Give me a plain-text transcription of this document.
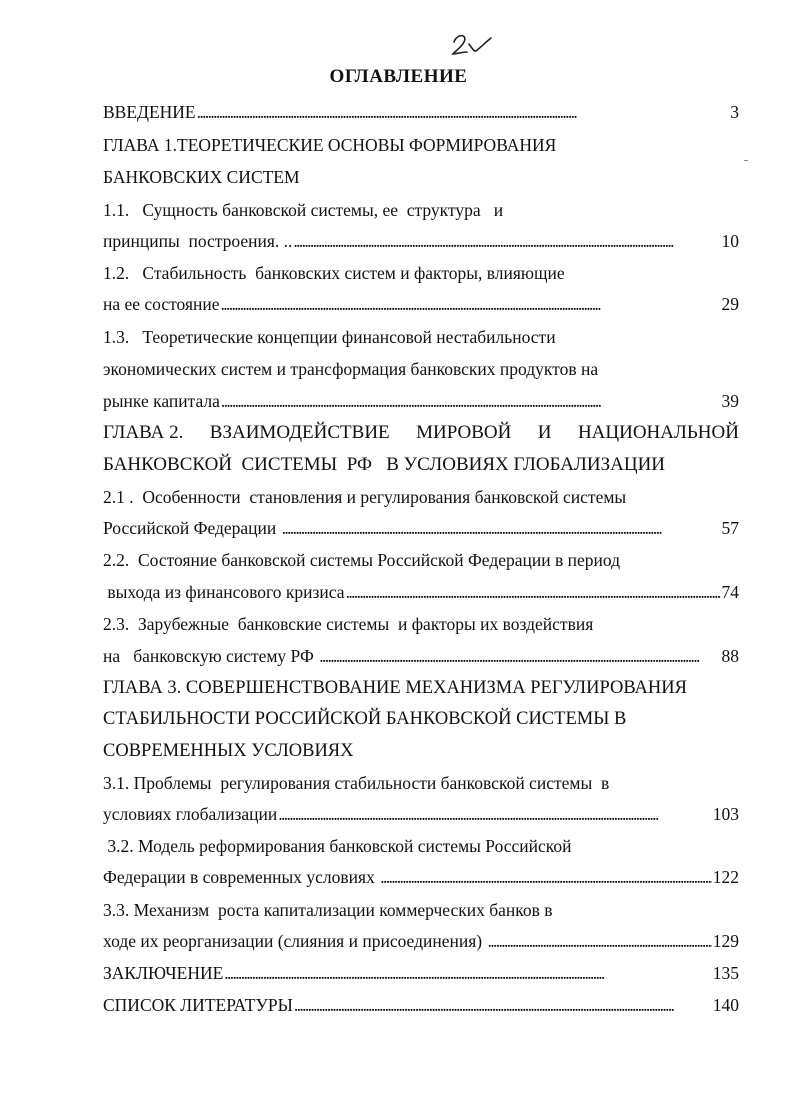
ОГЛАВЛЕНИЕ
ВВЕДЕНИЕ . . .	3
ГЛАВА 1.ТЕОРЕТИЧЕСКИЕ ОСНОВЫ ФОРМИРОВАНИЯ
БАНКОВСКИХ СИСТЕМ
1.1.   Сущность банковской системы, ее  структура   и
принципы  построения. .. . . .	10
1.2.   Стабильность  банковских систем и факторы, влияющие
на ее состояние . . .	29
1.3.   Теоретические концепции финансовой нестабильности
экономических систем и трансформация банковских продуктов на
рынке капитала . . .	39
ГЛАВА 2. ВЗАИМОДЕЙСТВИЕ МИРОВОЙ И НАЦИОНАЛЬНОЙ
БАНКОВСКОЙ  СИСТЕМЫ  РФ   В УСЛОВИЯХ ГЛОБАЛИЗАЦИИ
2.1 .  Особенности  становления и регулирования банковской системы
Российской Федерации . . .	57
2.2.  Состояние банковской системы Российской Федерации в период
выхода из финансового кризиса . . .	74
2.3.  Зарубежные  банковские системы  и факторы их воздействия
на   банковскую систему РФ . . .	88
ГЛАВА 3. СОВЕРШЕНСТВОВАНИЕ МЕХАНИЗМА РЕГУЛИРОВАНИЯ
СТАБИЛЬНОСТИ РОССИЙСКОЙ БАНКОВСКОЙ СИСТЕМЫ В
СОВРЕМЕННЫХ УСЛОВИЯХ
3.1. Проблемы  регулирования стабильности банковской системы  в
условиях глобализации . . .	103
3.2. Модель реформирования банковской системы Российской
Федерации в современных условиях . . .	122
3.3. Механизм  роста капитализации коммерческих банков в
ходе их реорганизации (слияния и присоединения) . . .	129
ЗАКЛЮЧЕНИЕ . . .	135
СПИСОК ЛИТЕРАТУРЫ . . .	140
